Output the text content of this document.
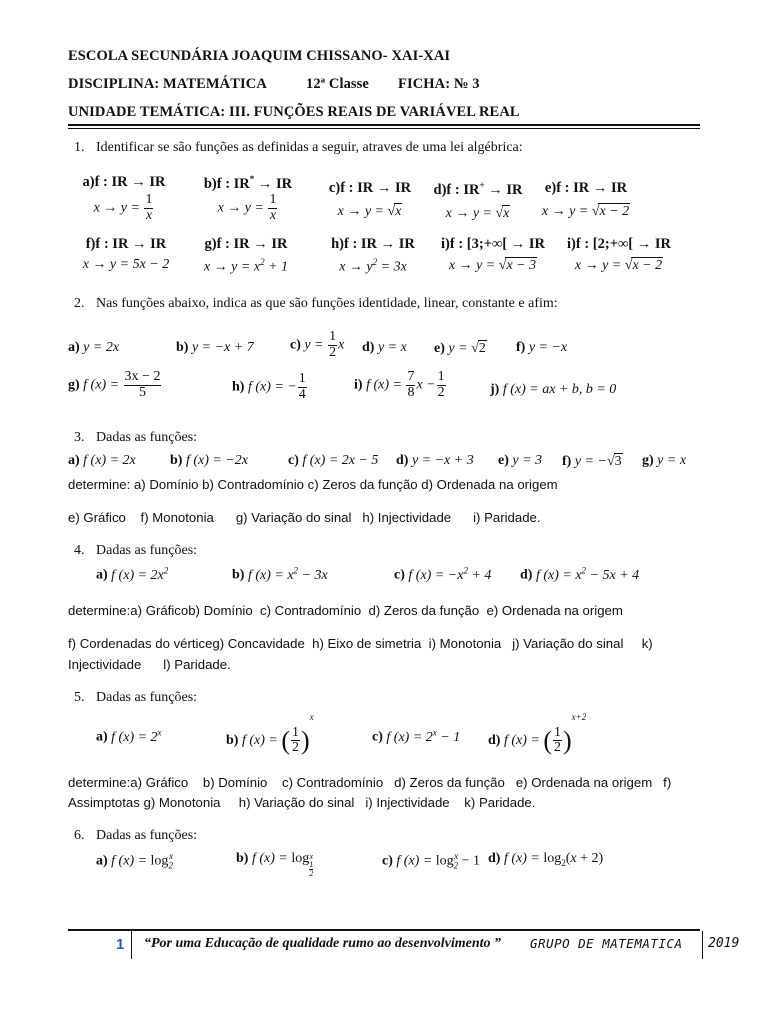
ESCOLA SECUNDÁRIA JOAQUIM CHISSANO- XAI-XAI
DISCIPLINA: MATEMÁTICA	12ª Classe FICHA: № 3
UNIDADE TEMÁTICA: III. FUNÇÕES REAIS DE VARIÁVEL REAL
1. Identificar se são funções as definidas a seguir, atraves de uma lei algébrica:
a)f : IR → IR
$x \to y = \frac{1}{x}$
b)f : IR* → IR
$x \to y = \frac{1}{x}$
c)f : IR → IR
x → y = √x
d)f : IR+ → IR
x → y = √x
e)f : IR → IR
x → y = √x − 2
f)f : IR → IR
x → y = 5x − 2
g)f : IR → IR
$x \to y = x^2 + 1$
h)f : IR → IR
$x \to y^2 = 3x$
i)f : [3;+∞[ → IR
x → y = √x − 3
i)f : [2;+∞[ → IR
x → y = √x − 2
2. Nas funções abaixo, indica as que são funções identidade, linear, constante e afim:
a) y = 2x	b) y = −x + 7	c) $y = \frac{1}{2}$ x d) y = x e) y = √2 f) y = −x
g) f $(x) = \frac{3x - 2}{5}$	h) f (x) = − $\frac{1}{4}$	i) f $(x) = \frac{7}{8}$ $x - \frac{1}{2}$	j) f (x) = ax + b, b = 0
3. Dadas as funções:
a) f (x) = 2x b) f (x) = −2x	c) f (x) = 2x − 5 d) y = −x + 3 e) y = 3 f) y = −√3 g) y = x
determine: a) Domínio b) Contradomínio c) Zeros da função d) Ordenada na origem
e) Gráfico    f) Monotonia      g) Variação do sinal   h) Injectividade      i) Paridade.
4. Dadas as funções:
a) f $(x) = 2x^2$	b) f $(x) = x^2 - 3x$	c) f $(x) = -x^2 + 4$ d) f $(x) = x^2 - 5x + 4$
determine:a) Gráficob) Domínio  c) Contradomínio  d) Zeros da função  e) Ordenada na origem
f) Cordenadas do vérticeg) Concavidade  h) Eixo de simetria  i) Monotonia   j) Variação do sinal     k)
Injectividade      l) Paridade.
5. Dadas as funções:
a) f $(x) = 2^x$
b) f (x) = ( $\frac{1}{2} )^x$
c) f $(x) = 2^x - 1$ d) f (x) = ( $\frac{1}{2} )^{x+2}$
determine:a) Gráfico    b) Domínio    c) Contradomínio   d) Zeros da função   e) Ordenada na origem   f)
Assimptotas g) Monotonia     h) Variação do sinal   i) Injectividade    k) Paridade.
6. Dadas as funções:
a) f $(x) = \log_2^x$	b) f (x) = log x
1
2
c) f $(x) = \log_2^x - 1$ d) f $(x) = \log_2(x + 2)$
1 “Por uma Educação de qualidade rumo ao desenvolvimento ” GRUPO DE MATEMATICA 2019
